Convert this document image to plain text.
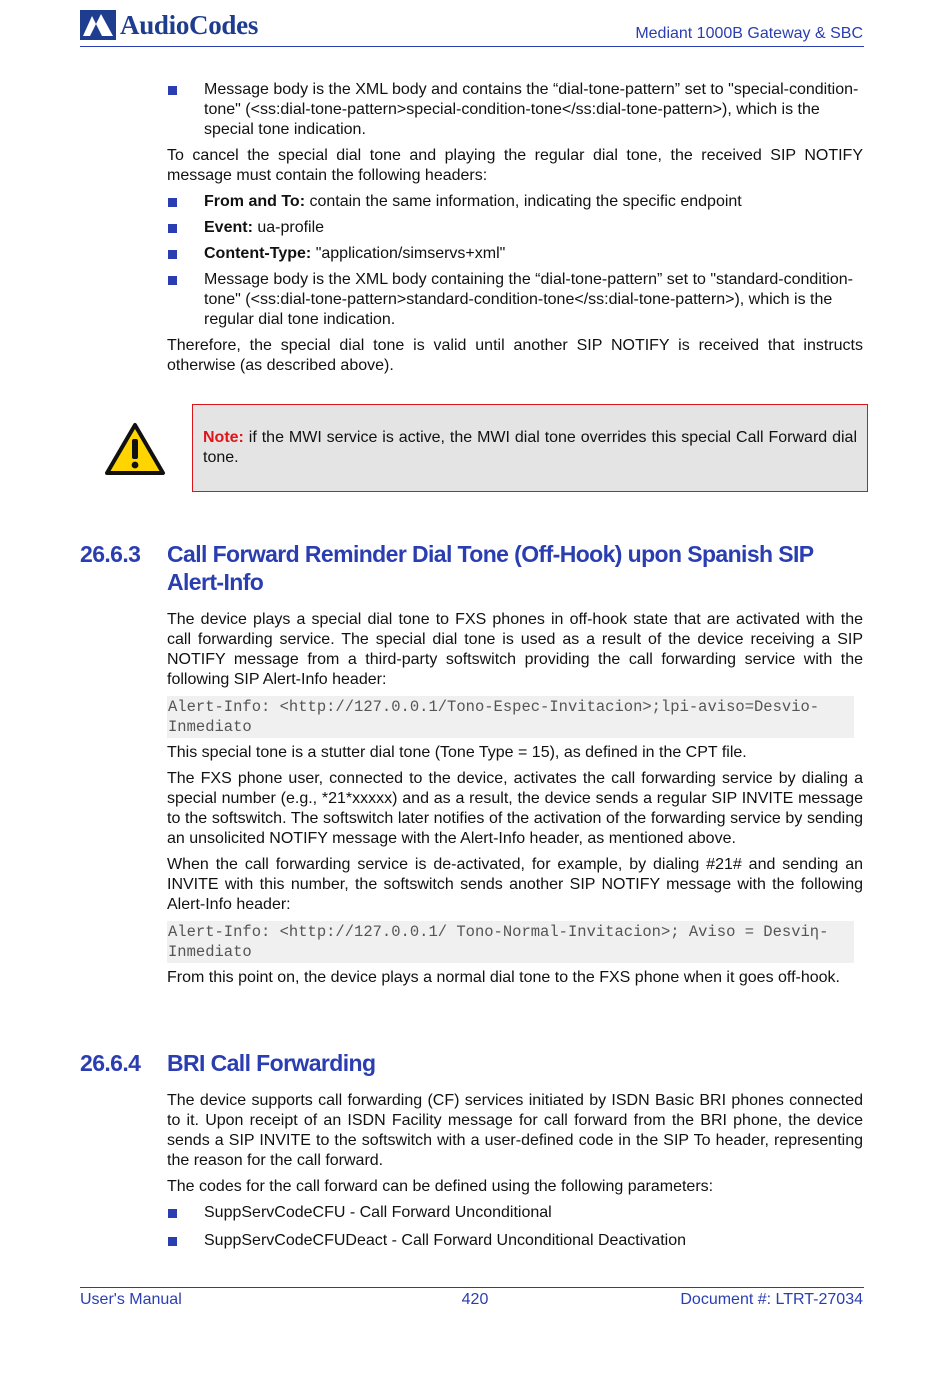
AudioCodes	Mediant 1000B Gateway & SBC

Message body is the XML body and contains the “dial-tone-pattern” set to "special-condition-tone" (<ss:dial-tone-pattern>special-condition-tone</ss:dial-tone-pattern>), which is the special tone indication.

To cancel the special dial tone and playing the regular dial tone, the received SIP NOTIFY message must contain the following headers:

From and To: contain the same information, indicating the specific endpoint

Event: ua-profile

Content-Type: "application/simservs+xml"

Message body is the XML body containing the “dial-tone-pattern” set to "standard-condition-tone" (<ss:dial-tone-pattern>standard-condition-tone</ss:dial-tone-pattern>), which is the regular dial tone indication.

Therefore, the special dial tone is valid until another SIP NOTIFY is received that instructs otherwise (as described above).

Note: if the MWI service is active, the MWI dial tone overrides this special Call Forward dial tone.
26.6.3 Call Forward Reminder Dial Tone (Off-Hook) upon Spanish SIP Alert-Info

The device plays a special dial tone to FXS phones in off-hook state that are activated with the call forwarding service. The special dial tone is used as a result of the device receiving a SIP NOTIFY message from a third-party softswitch providing the call forwarding service with the following SIP Alert-Info header:

Alert-Info: <http://127.0.0.1/Tono-Espec-Invitacion>;lpi-aviso=Desvio-Inmediato

This special tone is a stutter dial tone (Tone Type = 15), as defined in the CPT file.

The FXS phone user, connected to the device, activates the call forwarding service by dialing a special number (e.g., *21*xxxxx) and as a result, the device sends a regular SIP INVITE message to the softswitch. The softswitch later notifies of the activation of the forwarding service by sending an unsolicited NOTIFY message with the Alert-Info header, as mentioned above.

When the call forwarding service is de-activated, for example, by dialing #21# and sending an INVITE with this number, the softswitch sends another SIP NOTIFY message with the following Alert-Info header:

Alert-Info: <http://127.0.0.1/ Tono-Normal-Invitacion>; Aviso = Desviη-Inmediato

From this point on, the device plays a normal dial tone to the FXS phone when it goes off-hook.

26.6.4 BRI Call Forwarding

The device supports call forwarding (CF) services initiated by ISDN Basic BRI phones connected to it. Upon receipt of an ISDN Facility message for call forward from the BRI phone, the device sends a SIP INVITE to the softswitch with a user-defined code in the SIP To header, representing the reason for the call forward.

The codes for the call forward can be defined using the following parameters:

SuppServCodeCFU - Call Forward Unconditional

SuppServCodeCFUDeact - Call Forward Unconditional Deactivation

User's Manual	420	Document #: LTRT-27034
